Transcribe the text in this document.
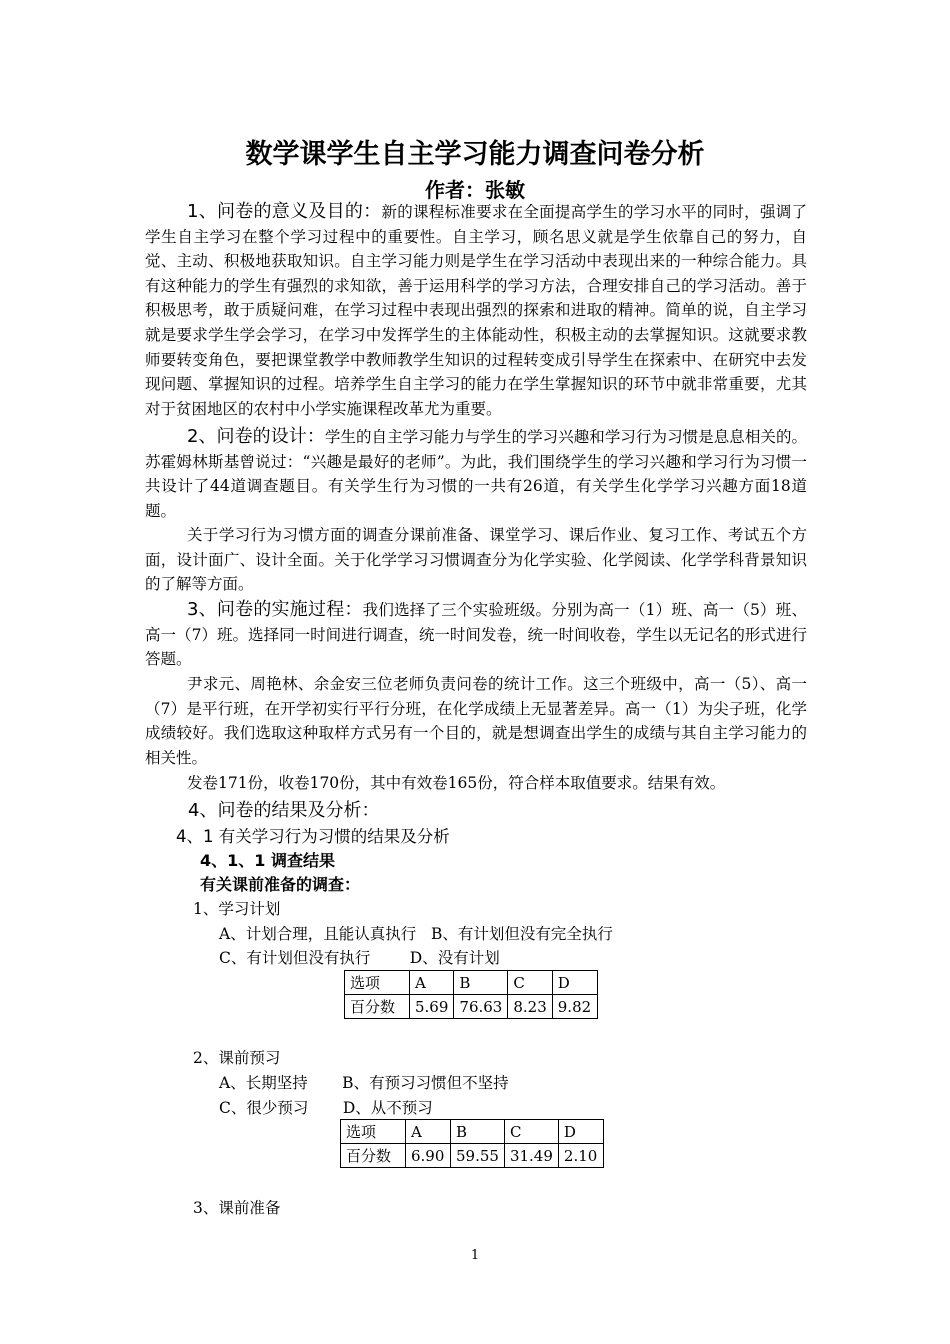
数学课学生自主学习能力调查问卷分析
作者：张敏

1、问卷的意义及目的：新的课程标准要求在全面提高学生的学习水平的同时，强调了学生自主学习在整个学习过程中的重要性。自主学习，顾名思义就是学生依靠自己的努力，自觉、主动、积极地获取知识。自主学习能力则是学生在学习活动中表现出来的一种综合能力。具有这种能力的学生有强烈的求知欲，善于运用科学的学习方法，合理安排自己的学习活动。善于积极思考，敢于质疑问难，在学习过程中表现出强烈的探索和进取的精神。简单的说，自主学习就是要求学生学会学习，在学习中发挥学生的主体能动性，积极主动的去掌握知识。这就要求教师要转变角色，要把课堂教学中教师教学生知识的过程转变成引导学生在探索中、在研究中去发现问题、掌握知识的过程。培养学生自主学习的能力在学生掌握知识的环节中就非常重要，尤其对于贫困地区的农村中小学实施课程改革尤为重要。

2、问卷的设计：学生的自主学习能力与学生的学习兴趣和学习行为习惯是息息相关的。苏霍姆林斯基曾说过：“兴趣是最好的老师”。为此，我们围绕学生的学习兴趣和学习行为习惯一共设计了44道调查题目。有关学生行为习惯的一共有26道，有关学生化学学习兴趣方面18道题。

关于学习行为习惯方面的调查分课前准备、课堂学习、课后作业、复习工作、考试五个方面，设计面广、设计全面。关于化学学习习惯调查分为化学实验、化学阅读、化学学科背景知识的了解等方面。

3、问卷的实施过程：我们选择了三个实验班级。分别为高一（1）班、高一（5）班、高一（7）班。选择同一时间进行调查，统一时间发卷，统一时间收卷，学生以无记名的形式进行答题。

尹求元、周艳林、余金安三位老师负责问卷的统计工作。这三个班级中，高一（5）、高一（7）是平行班，在开学初实行平行分班，在化学成绩上无显著差异。高一（1）为尖子班，化学成绩较好。我们选取这种取样方式另有一个目的，就是想调查出学生的成绩与其自主学习能力的相关性。

发卷171份，收卷170份，其中有效卷165份，符合样本取值要求。结果有效。

4、问卷的结果及分析：
4、1 有关学习行为习惯的结果及分析
4、1、1 调查结果
有关课前准备的调查：
1、学习计划
A、计划合理，且能认真执行   B、有计划但没有完全执行
C、有计划但没有执行        D、没有计划
选项	A	B	C	D
百分数	5.69	76.63	8.23	9.82
2、课前预习
A、长期坚持       B、有预习习惯但不坚持
C、很少预习       D、从不预习
选项	A	B	C	D
百分数	6.90	59.55	31.49	2.10
3、课前准备
1
